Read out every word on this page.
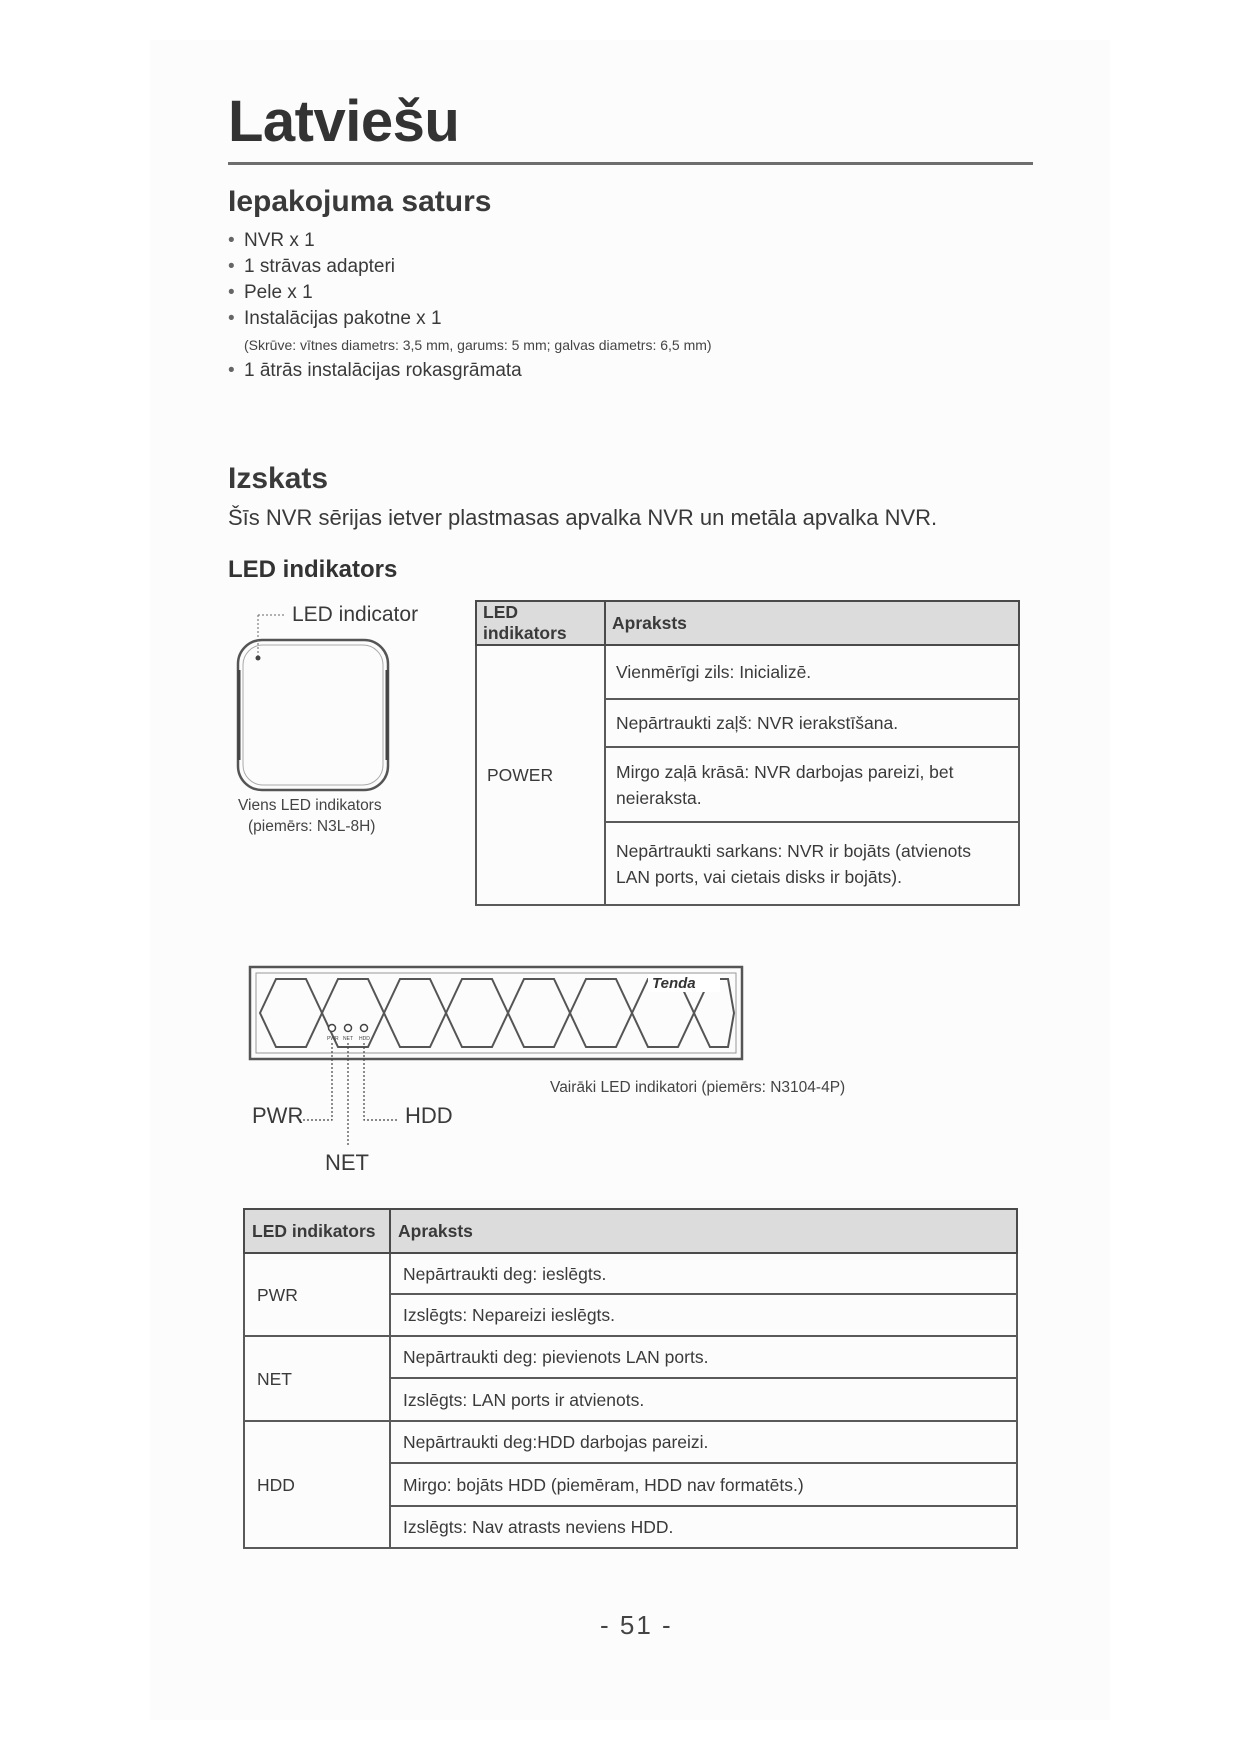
Latviešu
Iepakojuma saturs
• NVR x 1
• 1 strāvas adapteri
• Pele x 1
• Instalācijas pakotne x 1
(Skrūve: vītnes diametrs: 3,5 mm, garums: 5 mm; galvas diametrs: 6,5 mm)
• 1 ātrās instalācijas rokasgrāmata
Izskats
Šīs NVR sērijas ietver plastmasas apvalka NVR un metāla apvalka NVR.
LED indikators
LED indicator
Viens LED indikators
(piemērs: N3L-8H)
LED indikators	Apraksts
POWER	Vienmērīgi zils: Inicializē.
	Nepārtraukti zaļš: NVR ierakstīšana.
	Mirgo zaļā krāsā: NVR darbojas pareizi, bet neieraksta.
	Nepārtraukti sarkans: NVR ir bojāts (atvienots LAN ports, vai cietais disks ir bojāts).
Tenda
PWR NET HDD
PWR	HDD
NET
Vairāki LED indikatori (piemērs: N3104-4P)
LED indikators	Apraksts
PWR	Nepārtraukti deg: ieslēgts.
	Izslēgts: Nepareizi ieslēgts.
NET	Nepārtraukti deg: pievienots LAN ports.
	Izslēgts: LAN ports ir atvienots.
HDD	Nepārtraukti deg:HDD darbojas pareizi.
	Mirgo: bojāts HDD (piemēram, HDD nav formatēts.)
	Izslēgts: Nav atrasts neviens HDD.
- 51 -
